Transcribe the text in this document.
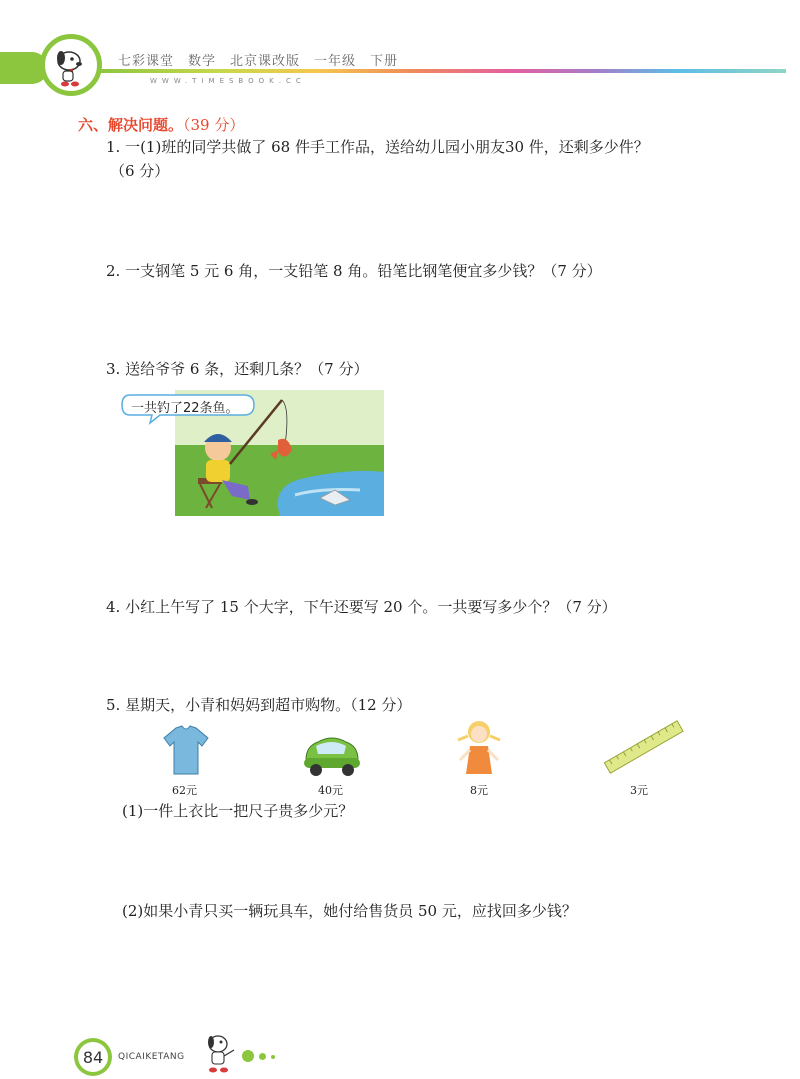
七彩课堂　数学　北京课改版　一年级　下册
WWW.TIMESBOOK.CC
六、解决问题。（39 分）
1. 一(1)班的同学共做了 68 件手工作品，送给幼儿园小朋友30 件，还剩多少件？
（6 分）
2. 一支钢笔 5 元 6 角，一支铅笔 8 角。铅笔比钢笔便宜多少钱？（7 分）
3. 送给爷爷 6 条，还剩几条？（7 分）
一共钓了22条鱼。
4. 小红上午写了 15 个大字，下午还要写 20 个。一共要写多少个？（7 分）
5. 星期天，小青和妈妈到超市购物。（12 分）
62元	40元	8元	3元
(1)一件上衣比一把尺子贵多少元？
(2)如果小青只买一辆玩具车，她付给售货员 50 元，应找回多少钱？
84	QICAIKETANG
